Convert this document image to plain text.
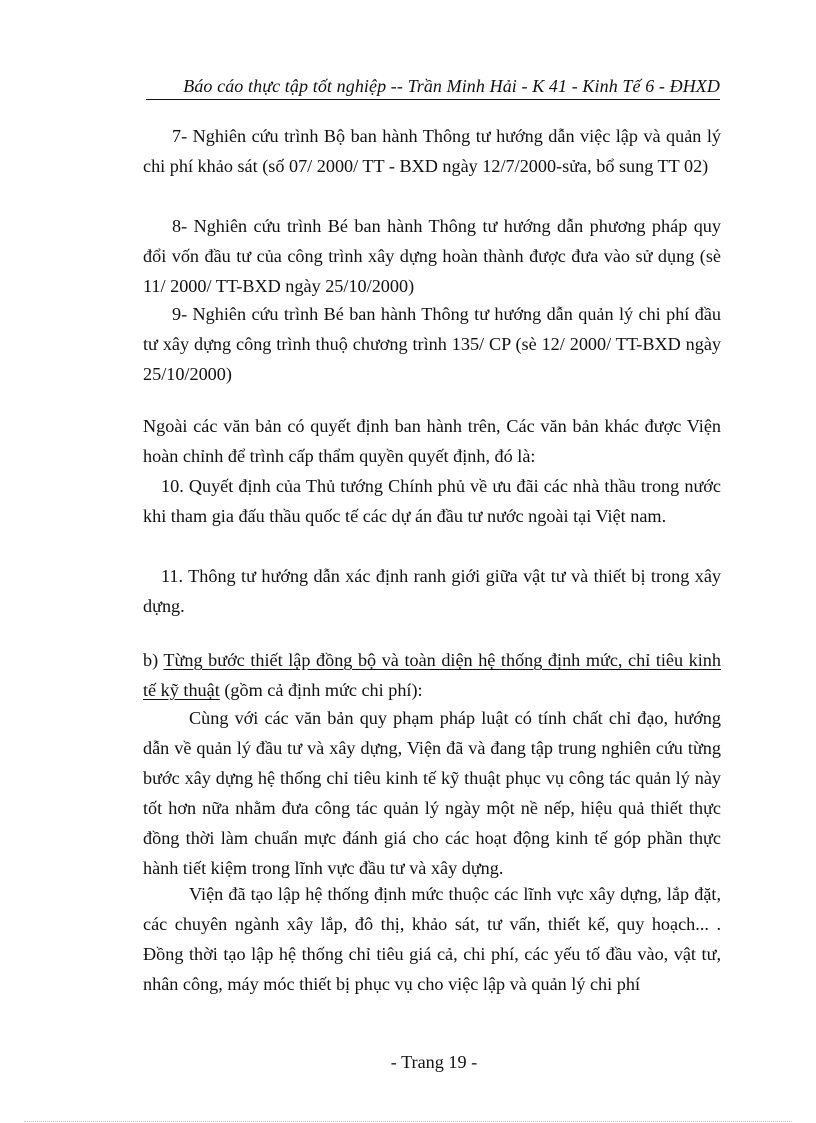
Báo cáo thực tập tốt nghiệp -- Trần Minh Hải - K 41 - Kinh Tế 6 - ĐHXD

7- Nghiên cứu trình Bộ ban hành Thông tư hướng dẫn việc lập và quản lý chi phí khảo sát (số 07/ 2000/ TT - BXD ngày 12/7/2000-sửa, bổ sung TT 02)

8- Nghiên cứu trình Bé ban hành Thông tư hướng dẫn phương pháp quy đổi vốn đầu tư của công trình xây dựng hoàn thành được đưa vào sử dụng (sè 11/ 2000/ TT-BXD ngày 25/10/2000)

9- Nghiên cứu trình Bé ban hành Thông tư hướng dẫn quản lý chi phí đầu tư xây dựng công trình thuộ chương trình 135/ CP (sè 12/ 2000/ TT-BXD ngày 25/10/2000)

Ngoài các văn bản có quyết định ban hành trên, Các văn bản khác được Viện hoàn chỉnh để trình cấp thẩm quyền quyết định, đó là:

10. Quyết định của Thủ tướng Chính phủ về ưu đãi các nhà thầu trong nước khi tham gia đấu thầu quốc tế các dự án đầu tư nước ngoài tại Việt nam.

11. Thông tư hướng dẫn xác định ranh giới giữa vật tư và thiết bị trong xây dựng.

b) Từng bước thiết lập đồng bộ và toàn diện hệ thống định mức, chỉ tiêu kinh tế kỹ thuật (gồm cả định mức chi phí):

Cùng với các văn bản quy phạm pháp luật có tính chất chỉ đạo, hướng dẫn về quản lý đầu tư và xây dựng, Viện đã và đang tập trung nghiên cứu từng bước xây dựng hệ thống chỉ tiêu kinh tế kỹ thuật phục vụ công tác quản lý này tốt hơn nữa nhằm đưa công tác quản lý ngày một nề nếp, hiệu quả thiết thực đồng thời làm chuẩn mực đánh giá cho các hoạt động kinh tế góp phần thực hành tiết kiệm trong lĩnh vực đầu tư và xây dựng.

Viện đã tạo lập hệ thống định mức thuộc các lĩnh vực xây dựng, lắp đặt, các chuyên ngành xây lắp, đô thị, khảo sát, tư vấn, thiết kế, quy hoạch... . Đồng thời tạo lập hệ thống chỉ tiêu giá cả, chi phí, các yếu tố đầu vào, vật tư, nhân công, máy móc thiết bị phục vụ cho việc lập và quản lý chi phí

- Trang 19 -
